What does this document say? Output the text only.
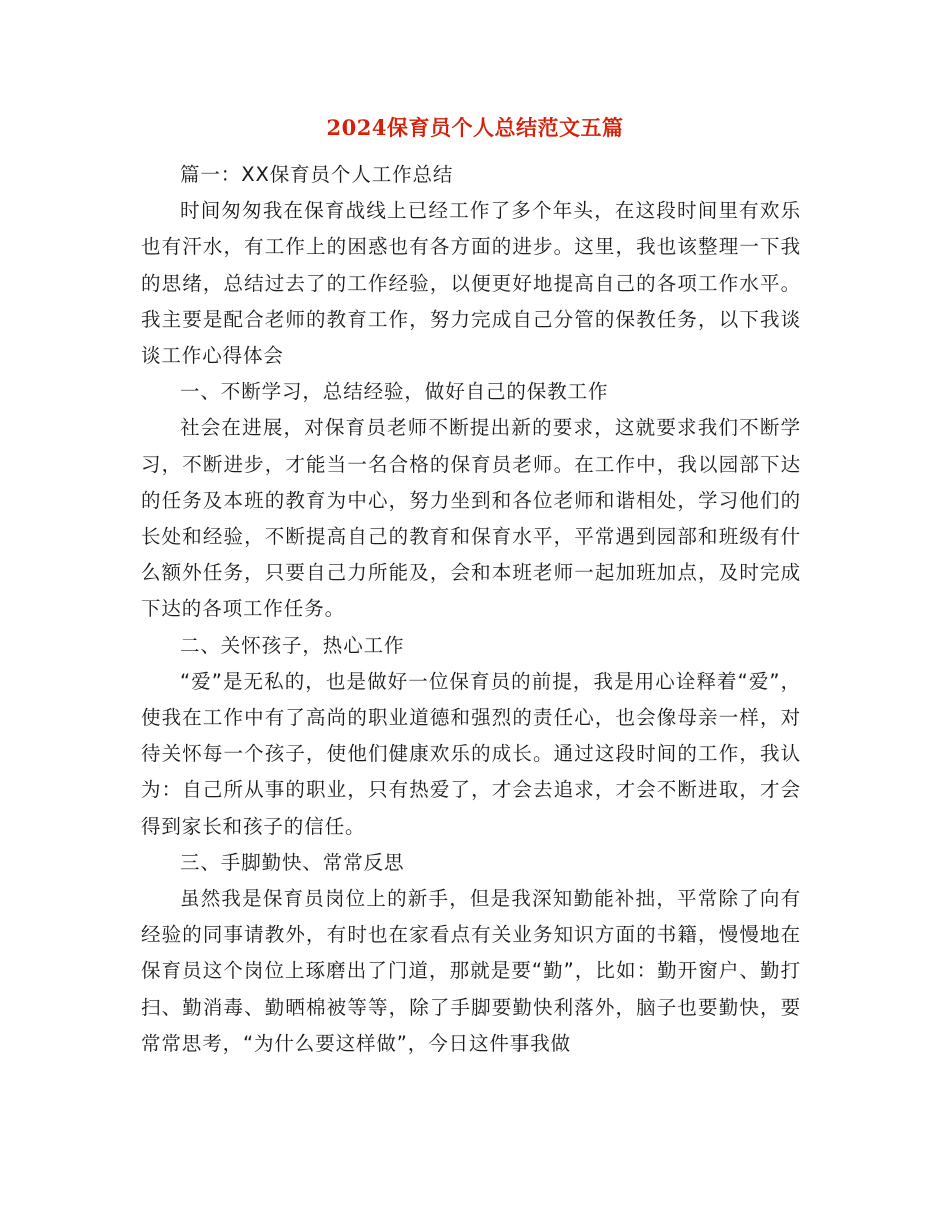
2024保育员个人总结范文五篇

篇一：XX保育员个人工作总结

时间匆匆我在保育战线上已经工作了多个年头，在这段时间里有欢乐也有汗水，有工作上的困惑也有各方面的进步。这里，我也该整理一下我的思绪，总结过去了的工作经验，以便更好地提高自己的各项工作水平。我主要是配合老师的教育工作，努力完成自己分管的保教任务，以下我谈谈工作心得体会

一、不断学习，总结经验，做好自己的保教工作

社会在进展，对保育员老师不断提出新的要求，这就要求我们不断学习，不断进步，才能当一名合格的保育员老师。在工作中，我以园部下达的任务及本班的教育为中心，努力坐到和各位老师和谐相处，学习他们的长处和经验，不断提高自己的教育和保育水平，平常遇到园部和班级有什么额外任务，只要自己力所能及，会和本班老师一起加班加点，及时完成下达的各项工作任务。

二、关怀孩子，热心工作

“爱”是无私的，也是做好一位保育员的前提，我是用心诠释着“爱”，使我在工作中有了高尚的职业道德和强烈的责任心，也会像母亲一样，对待关怀每一个孩子，使他们健康欢乐的成长。通过这段时间的工作，我认为：自己所从事的职业，只有热爱了，才会去追求，才会不断进取，才会得到家长和孩子的信任。

三、手脚勤快、常常反思

虽然我是保育员岗位上的新手，但是我深知勤能补拙，平常除了向有经验的同事请教外，有时也在家看点有关业务知识方面的书籍，慢慢地在保育员这个岗位上琢磨出了门道，那就是要“勤”，比如：勤开窗户、勤打扫、勤消毒、勤晒棉被等等，除了手脚要勤快利落外，脑子也要勤快，要常常思考，“为什么要这样做”，今日这件事我做
